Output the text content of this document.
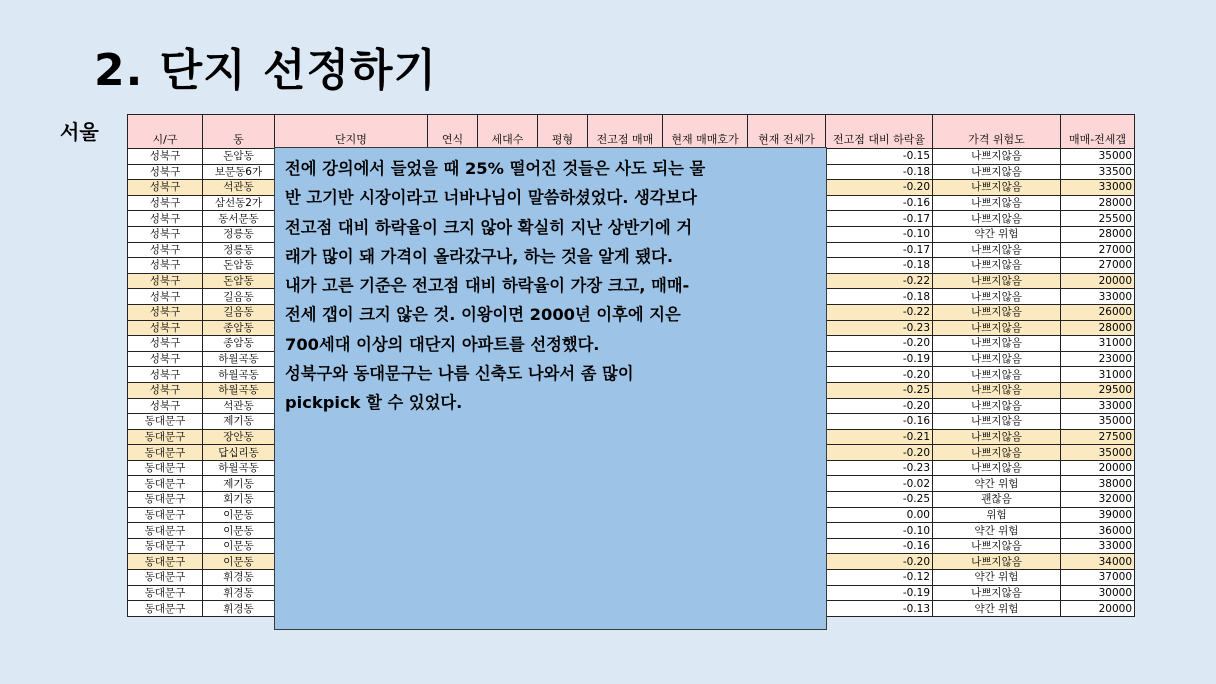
2. 단지 선정하기
서울	시/구	동	단지명	연식	세대수	평형	전고점 매매	현재 매매호가	현재 전세가	전고점 대비 하락율	가격 위험도	매매-전세갭
성북구	돈암동								-0.15	나쁘지않음	35000
성북구	보문동6가								-0.18	나쁘지않음	33500
성북구	석관동								-0.20	나쁘지않음	33000
성북구	삼선동2가								-0.16	나쁘지않음	28000
성북구	동서문동								-0.17	나쁘지않음	25500
성북구	정릉동								-0.10	약간 위험	28000
성북구	정릉동								-0.17	나쁘지않음	27000
성북구	돈암동								-0.18	나쁘지않음	27000
성북구	돈암동								-0.22	나쁘지않음	20000
성북구	길음동								-0.18	나쁘지않음	33000
성북구	길음동								-0.22	나쁘지않음	26000
성북구	종암동								-0.23	나쁘지않음	28000
성북구	종암동								-0.20	나쁘지않음	31000
성북구	하월곡동								-0.19	나쁘지않음	23000
성북구	하월곡동								-0.20	나쁘지않음	31000
성북구	하월곡동								-0.25	나쁘지않음	29500
성북구	석관동								-0.20	나쁘지않음	33000
동대문구	제기동								-0.16	나쁘지않음	35000
동대문구	장안동								-0.21	나쁘지않음	27500
동대문구	답십리동								-0.20	나쁘지않음	35000
동대문구	하월곡동								-0.23	나쁘지않음	20000
동대문구	제기동								-0.02	약간 위험	38000
동대문구	회기동								-0.25	괜찮음	32000
동대문구	이문동								0.00	위험	39000
동대문구	이문동								-0.10	약간 위험	36000
동대문구	이문동								-0.16	나쁘지않음	33000
동대문구	이문동								-0.20	나쁘지않음	34000
동대문구	휘경동								-0.12	약간 위험	37000
동대문구	휘경동								-0.19	나쁘지않음	30000
동대문구	휘경동								-0.13	약간 위험	20000
전에 강의에서 들었을 때 25% 떨어진 것들은 사도 되는 물
반 고기반 시장이라고 너바나님이 말씀하셨었다. 생각보다
전고점 대비 하락율이 크지 않아 확실히 지난 상반기에 거
래가 많이 돼 가격이 올라갔구나, 하는 것을 알게 됐다.
내가 고른 기준은 전고점 대비 하락율이 가장 크고, 매매-
전세 갭이 크지 않은 것. 이왕이면 2000년 이후에 지은
700세대 이상의 대단지 아파트를 선정했다.
성북구와 동대문구는 나름 신축도 나와서 좀 많이
pickpick 할 수 있었다.
